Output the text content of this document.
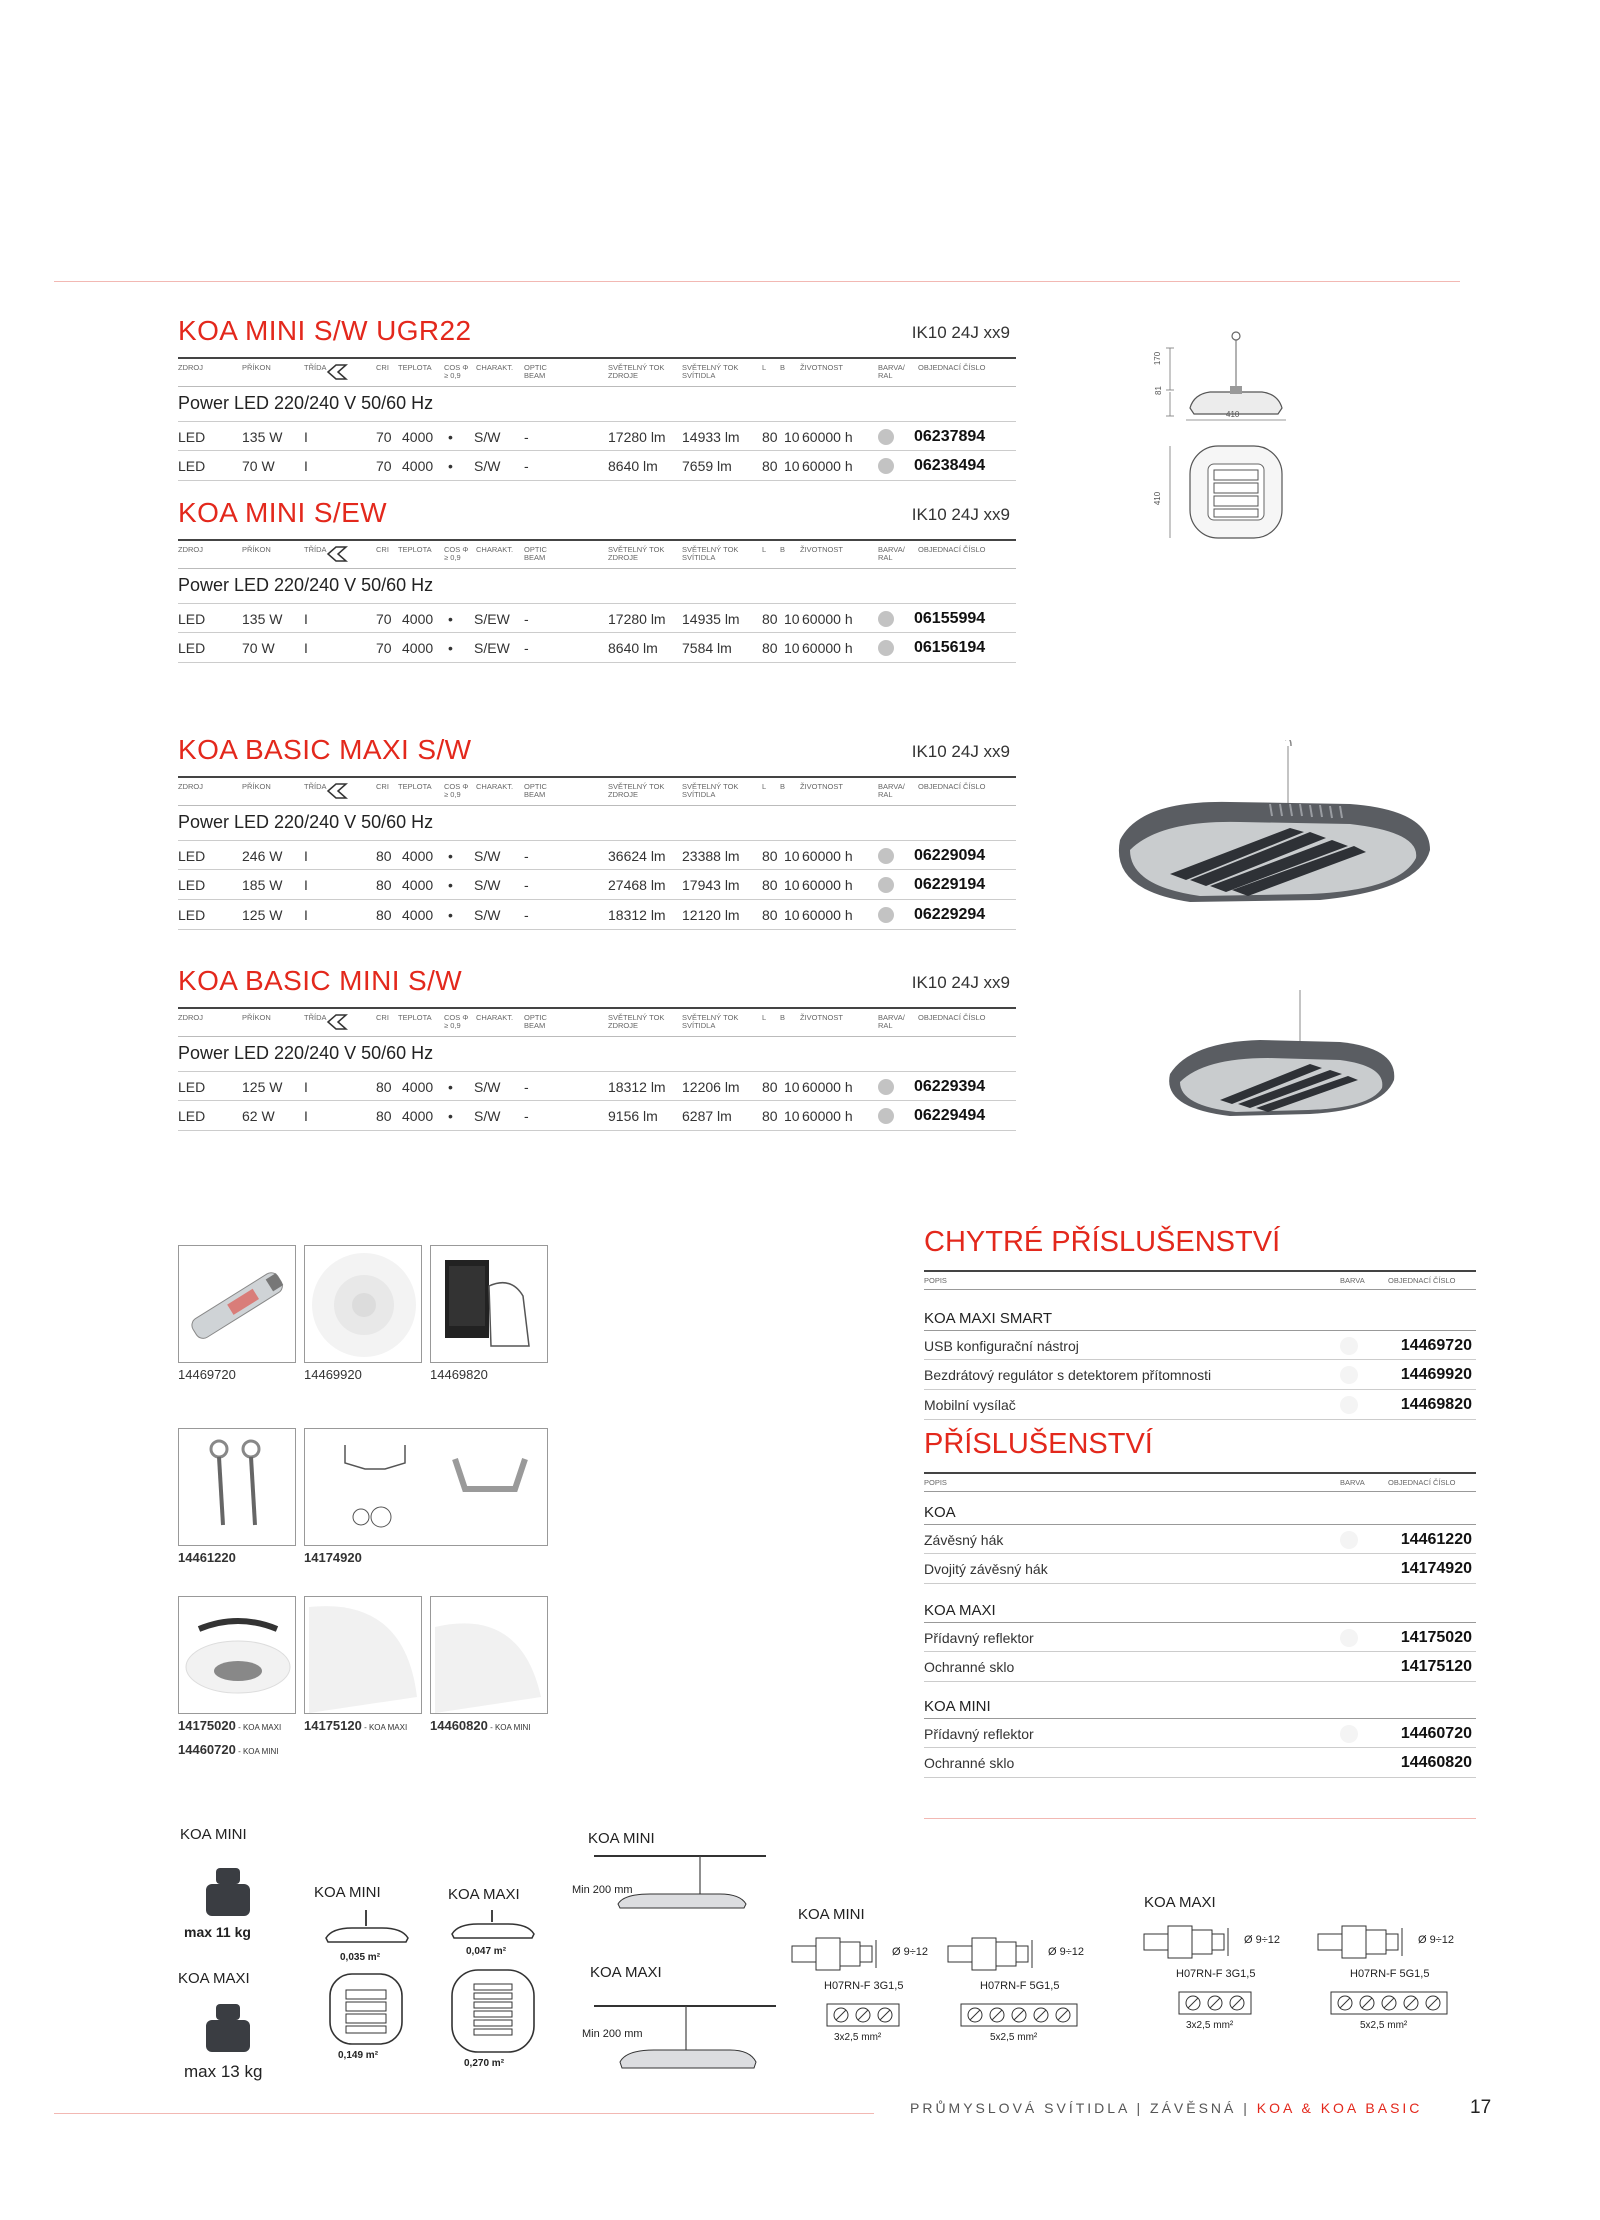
KOA MINI S/W UGR22	IK10 24J xx9
ZDROJ	PŘÍKON	TŘÍDA	CRI TEPLOTA COS Φ ≥ 0,9
CHARAKT. OPTIC BEAM
SVĚTELNÝ TOK ZDROJE
SVĚTELNÝ TOK SVÍTIDLA
L B ŽIVOTNOST	BARVA/ RAL
OBJEDNACÍ ČÍSLO
Power LED 220/240 V 50/60 Hz
LED	135 W I	70 4000 • S/W -	17280 lm 14933 lm 80 10 60000 h	06237894
LED	70 W I	70 4000 • S/W -	8640 lm 7659 lm 80 10 60000 h	06238494
KOA MINI S/EW	IK10 24J xx9
ZDROJ	PŘÍKON	TŘÍDA	CRI TEPLOTA COS Φ ≥ 0,9
CHARAKT. OPTIC BEAM
SVĚTELNÝ TOK ZDROJE
SVĚTELNÝ TOK SVÍTIDLA
L B ŽIVOTNOST	BARVA/ RAL
OBJEDNACÍ ČÍSLO
Power LED 220/240 V 50/60 Hz
LED	135 W I	70 4000 • S/EW -	17280 lm 14935 lm 80 10 60000 h	06155994
LED	70 W I	70 4000 • S/EW -	8640 lm 7584 lm 80 10 60000 h	06156194
KOA BASIC MAXI S/W	IK10 24J xx9
ZDROJ	PŘÍKON	TŘÍDA	CRI TEPLOTA COS Φ ≥ 0,9
CHARAKT. OPTIC BEAM
SVĚTELNÝ TOK ZDROJE
SVĚTELNÝ TOK SVÍTIDLA
L B ŽIVOTNOST	BARVA/ RAL
OBJEDNACÍ ČÍSLO
Power LED 220/240 V 50/60 Hz
LED	246 W I	80 4000 • S/W -	36624 lm 23388 lm 80 10 60000 h	06229094
LED	185 W I	80 4000 • S/W -	27468 lm 17943 lm 80 10 60000 h	06229194
LED	125 W I	80 4000 • S/W -	18312 lm 12120 lm 80 10 60000 h	06229294
KOA BASIC MINI S/W	IK10 24J xx9
ZDROJ	PŘÍKON	TŘÍDA	CRI TEPLOTA COS Φ ≥ 0,9
CHARAKT. OPTIC BEAM
SVĚTELNÝ TOK ZDROJE
SVĚTELNÝ TOK SVÍTIDLA
L B ŽIVOTNOST	BARVA/ RAL
OBJEDNACÍ ČÍSLO
Power LED 220/240 V 50/60 Hz
LED	125 W I	80 4000 • S/W -	18312 lm 12206 lm 80 10 60000 h	06229394
LED	62 W I	80 4000 • S/W -	9156 lm 6287 lm 80 10 60000 h	06229494
170
81
410
410
14469720	14469920	14469820
14461220	14174920
14175020 - KOA MAXI 14175120 - KOA MAXI 14460820 - KOA MINI
14460720 - KOA MINI
CHYTRÉ PŘÍSLUŠENSTVÍ
POPIS	BARVA	OBJEDNACÍ ČÍSLO
KOA MAXI SMART
USB konfigurační nástroj	14469720
Bezdrátový regulátor s detektorem přítomnosti	14469920
Mobilní vysílač	14469820
PŘÍSLUŠENSTVÍ
POPIS	BARVA	OBJEDNACÍ ČÍSLO
KOA
Závěsný hák	14461220
Dvojitý závěsný hák	14174920
KOA MAXI
Přídavný reflektor	14175020
Ochranné sklo	14175120
KOA MINI
Přídavný reflektor	14460720
Ochranné sklo	14460820
KOA MINI
max 11 kg
KOA MAXI
max 13 kg
KOA MINI	KOA MAXI
0,035 m²
0,047 m²
0,149 m²
0,270 m²
KOA MINI
Min 200 mm
KOA MAXI
Min 200 mm
KOA MINI
KOA MAXI
Ø 9÷12
H07RN-F 3G1,5
3x2,5 mm²
Ø 9÷12
H07RN-F 5G1,5
5x2,5 mm²
Ø 9÷12
H07RN-F 3G1,5
3x2,5 mm²
Ø 9÷12
H07RN-F 5G1,5
5x2,5 mm²
PRŮMYSLOVÁ SVÍTIDLA | ZÁVĚSNÁ | KOA & KOA BASIC	17
